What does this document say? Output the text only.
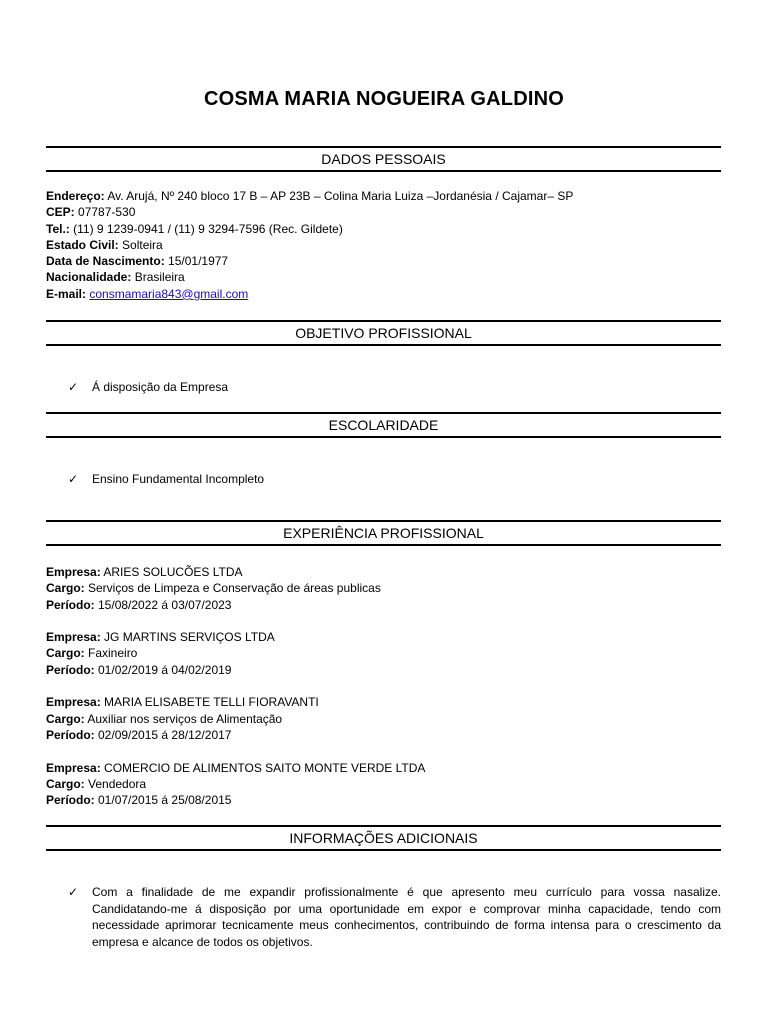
COSMA MARIA NOGUEIRA GALDINO
DADOS PESSOAIS
Endereço: Av. Arujá, Nº 240 bloco 17 B – AP 23B – Colina Maria Luiza –Jordanésia / Cajamar– SP
CEP: 07787-530
Tel.: (11) 9 1239-0941 / (11) 9 3294-7596 (Rec. Gildete)
Estado Civil: Solteira
Data de Nascimento: 15/01/1977
Nacionalidade: Brasileira
E-mail: consmamaria843@gmail.com
OBJETIVO PROFISSIONAL
✓ Á disposição da Empresa
ESCOLARIDADE
✓ Ensino Fundamental Incompleto
EXPERIÊNCIA PROFISSIONAL
Empresa: ARIES SOLUCÕES LTDA
Cargo: Serviços de Limpeza e Conservação de áreas publicas
Período: 15/08/2022 á 03/07/2023
Empresa: JG MARTINS SERVIÇOS LTDA
Cargo: Faxineiro
Período: 01/02/2019 á 04/02/2019
Empresa: MARIA ELISABETE TELLI FIORAVANTI
Cargo: Auxiliar nos serviços de Alimentação
Período: 02/09/2015 á 28/12/2017
Empresa: COMERCIO DE ALIMENTOS SAITO MONTE VERDE LTDA
Cargo: Vendedora
Período: 01/07/2015 á 25/08/2015
INFORMAÇÕES ADICIONAIS
✓	Com a finalidade de me expandir profissionalmente é que apresento meu currículo para vossa nasalize. Candidatando-me á disposição por uma oportunidade em expor e comprovar minha capacidade, tendo com necessidade aprimorar tecnicamente meus conhecimentos, contribuindo de forma intensa para o crescimento da empresa e alcance de todos os objetivos.
